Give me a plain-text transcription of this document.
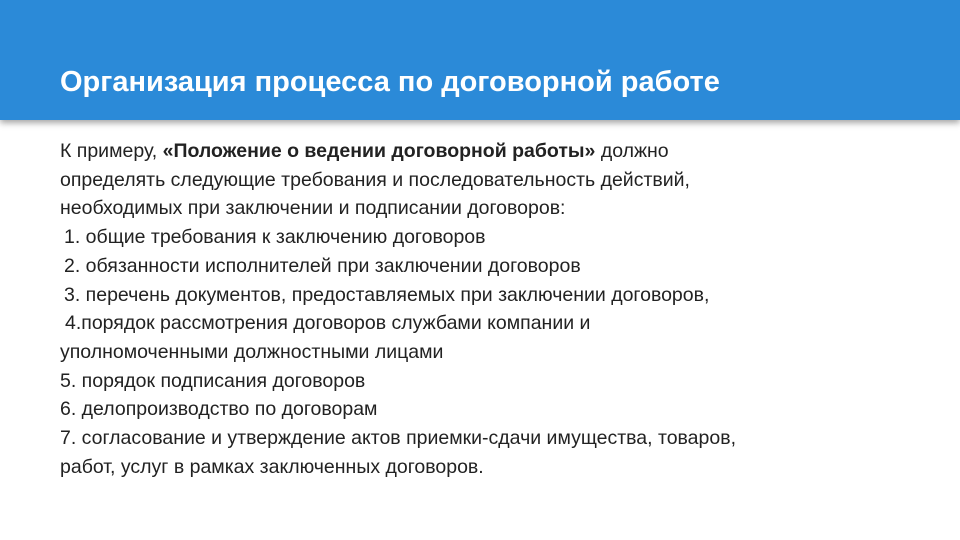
Организация процесса по договорной работе
К примеру, «Положение о ведении договорной работы» должно
определять следующие требования и последовательность действий,
необходимых при заключении и подписании договоров:
1. общие требования к заключению договоров
2. обязанности исполнителей при заключении договоров
3. перечень документов, предоставляемых при заключении договоров,
4.порядок рассмотрения договоров службами компании и
уполномоченными должностными лицами
5. порядок подписания договоров
6. делопроизводство по договорам
7. согласование и утверждение актов приемки-сдачи имущества, товаров,
работ, услуг в рамках заключенных договоров.
